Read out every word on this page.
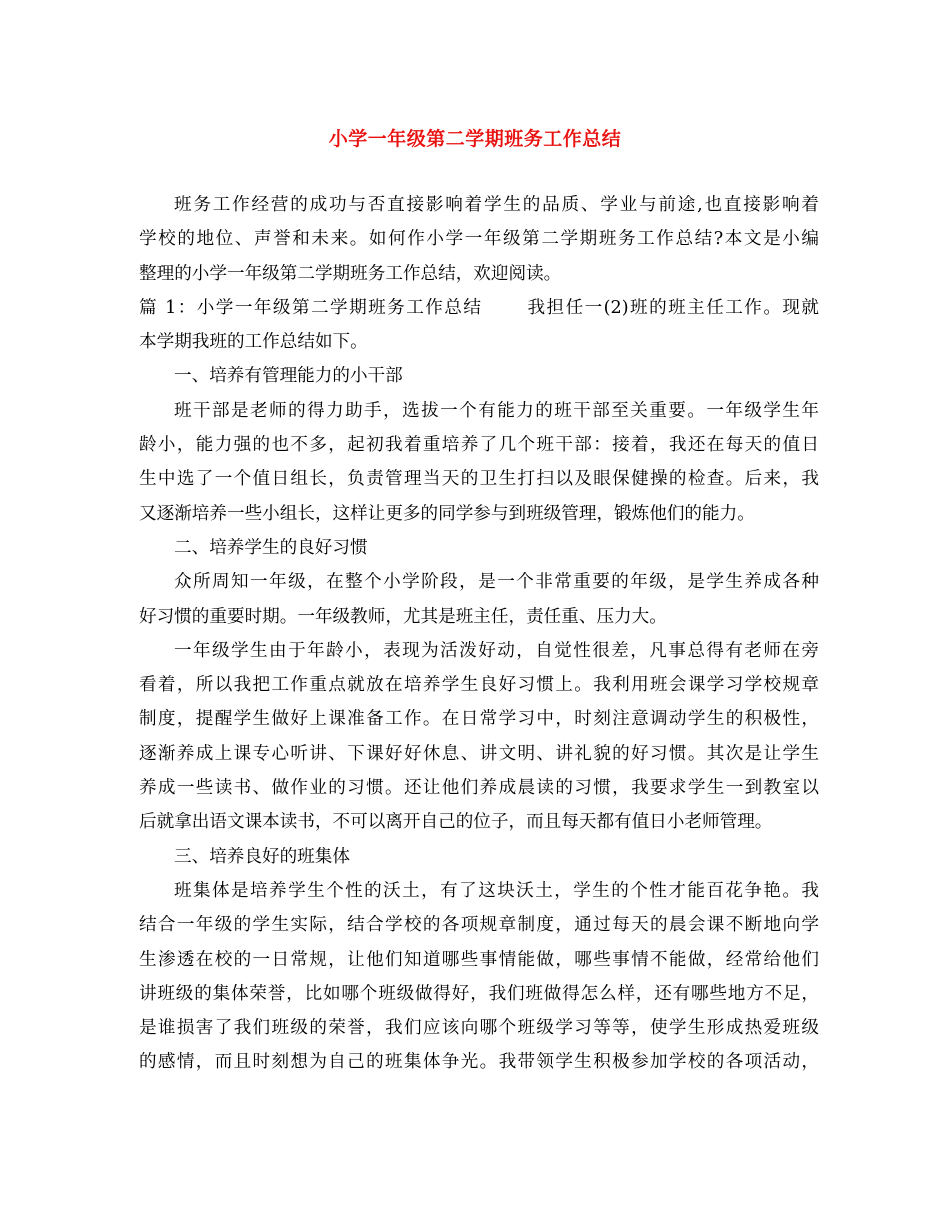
小学一年级第二学期班务工作总结
班务工作经营的成功与否直接影响着学生的品质、学业与前途,也直接影响着
学校的地位、声誉和未来。如何作小学一年级第二学期班务工作总结?本文是小编
整理的小学一年级第二学期班务工作总结，欢迎阅读。
篇 1：小学一年级第二学期班务工作总结　　 我担任一(2)班的班主任工作。现就
本学期我班的工作总结如下。
一、培养有管理能力的小干部
班干部是老师的得力助手，选拔一个有能力的班干部至关重要。一年级学生年
龄小，能力强的也不多，起初我着重培养了几个班干部：接着，我还在每天的值日
生中选了一个值日组长，负责管理当天的卫生打扫以及眼保健操的检查。后来，我
又逐渐培养一些小组长，这样让更多的同学参与到班级管理，锻炼他们的能力。
二、培养学生的良好习惯
众所周知一年级，在整个小学阶段，是一个非常重要的年级，是学生养成各种
好习惯的重要时期。一年级教师，尤其是班主任，责任重、压力大。
一年级学生由于年龄小，表现为活泼好动，自觉性很差，凡事总得有老师在旁
看着，所以我把工作重点就放在培养学生良好习惯上。我利用班会课学习学校规章
制度，提醒学生做好上课准备工作。在日常学习中，时刻注意调动学生的积极性，
逐渐养成上课专心听讲、下课好好休息、讲文明、讲礼貌的好习惯。其次是让学生
养成一些读书、做作业的习惯。还让他们养成晨读的习惯，我要求学生一到教室以
后就拿出语文课本读书，不可以离开自己的位子，而且每天都有值日小老师管理。
三、培养良好的班集体
班集体是培养学生个性的沃土，有了这块沃土，学生的个性才能百花争艳。我
结合一年级的学生实际，结合学校的各项规章制度，通过每天的晨会课不断地向学
生渗透在校的一日常规，让他们知道哪些事情能做，哪些事情不能做，经常给他们
讲班级的集体荣誉，比如哪个班级做得好，我们班做得怎么样，还有哪些地方不足，
是谁损害了我们班级的荣誉，我们应该向哪个班级学习等等，使学生形成热爱班级
的感情，而且时刻想为自己的班集体争光。我带领学生积极参加学校的各项活动，
